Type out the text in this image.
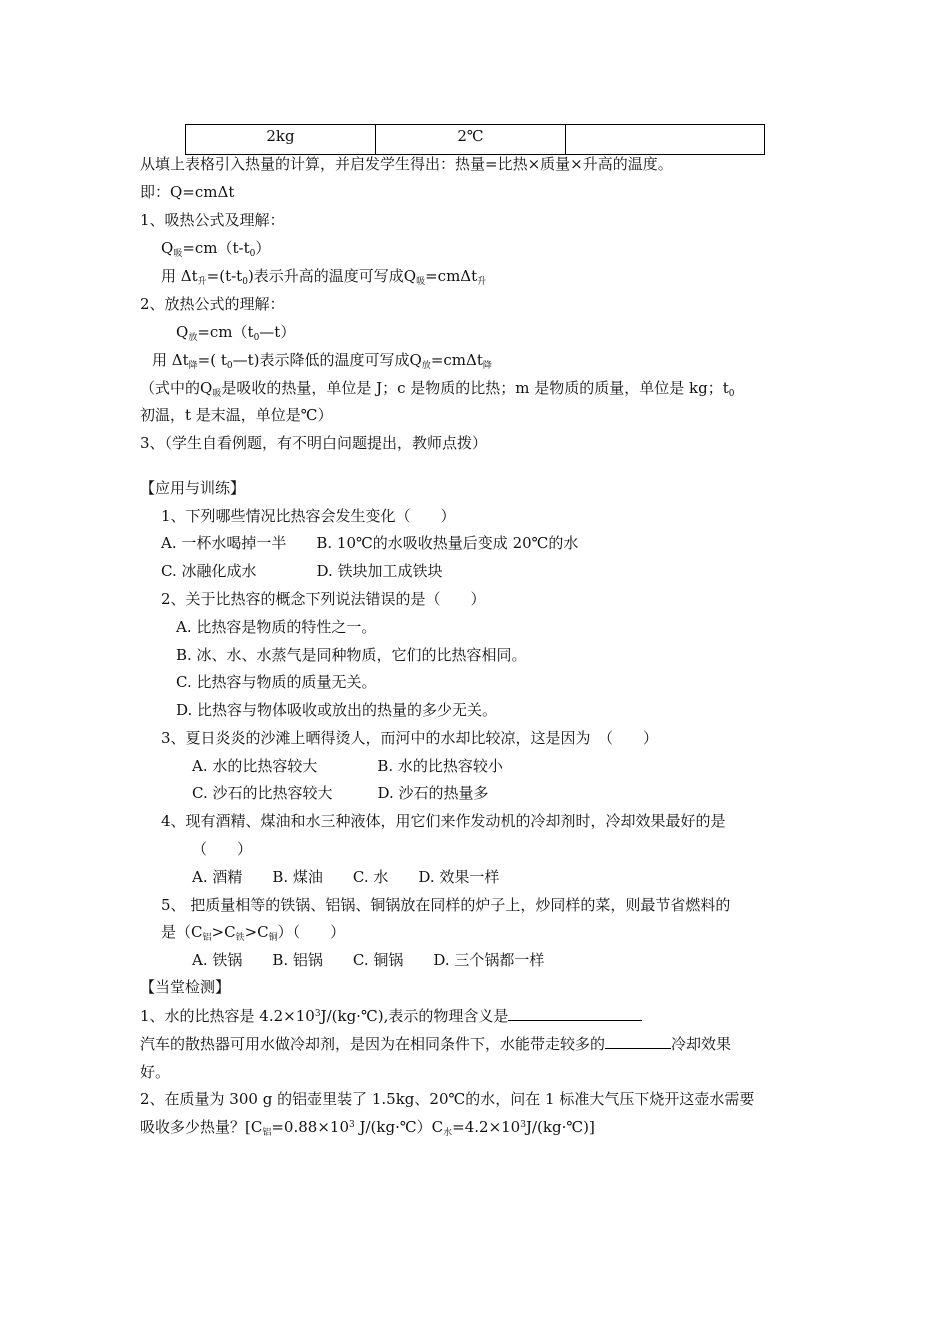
2kg	2℃
从填上表格引入热量的计算，并启发学生得出：热量=比热×质量×升高的温度。
即：Q=cmΔt
1、吸热公式及理解：
$Q_吸=cm(t-t_0)$
用 $\Delta t_升=(t-t_0)$表示升高的温度可写成$Q_吸=cm\Delta t_升$
2、放热公式的理解：
$Q_放=cm(t_0—t)$
用 $\Delta t_降=$( $t_0—t$)表示降低的温度可写成$Q_放=cm\Delta t_降$
（式中的$Q_吸$是吸收的热量，单位是 J；c 是物质的比热；m 是物质的质量，单位是 kg；$t_0$
初温，t 是末温，单位是℃）
3、（学生自看例题，有不明白问题提出，教师点拨）
【应用与训练】
1、下列哪些情况比热容会发生变化（　　）
A. 一杯水喝掉一半　　B. 10℃的水吸收热量后变成 20℃的水
C. 冰融化成水　　　　D. 铁块加工成铁块
2、关于比热容的概念下列说法错误的是（　　）
A. 比热容是物质的特性之一。
B. 冰、水、水蒸气是同种物质，它们的比热容相同。
C. 比热容与物质的质量无关。
D. 比热容与物体吸收或放出的热量的多少无关。
3、夏日炎炎的沙滩上晒得烫人，而河中的水却比较凉，这是因为　（　　）
A. 水的比热容较大　　　　B. 水的比热容较小
C. 沙石的比热容较大　　　D. 沙石的热量多
4、现有酒精、煤油和水三种液体，用它们来作发动机的冷却剂时，冷却效果最好的是
（　　）
A. 酒精　　B. 煤油　　C. 水　　D. 效果一样
5、 把质量相等的铁锅、铝锅、铜锅放在同样的炉子上，炒同样的菜，则最节省燃料的
是$(C_铝>C_铁>C_铜)$（　　）
A. 铁锅　　B. 铝锅　　C. 铜锅　　D. 三个锅都一样
【当堂检测】
1、水的比热容是 $4.2\times 10^3J/(kg\cdot℃)$,表示的物理含义是
汽车的散热器可用水做冷却剂，是因为在相同条件下，水能带走较多的	冷却效果
好。
2、在质量为 300 g 的铝壶里装了 1.5kg、20℃的水，问在 1 标准大气压下烧开这壶水需要
吸收多少热量？[$C_铝=0.88\times 10^3$ $J/(kg\cdot℃)C_水=4.2\times 10^3J/(kg\cdot℃)$]
